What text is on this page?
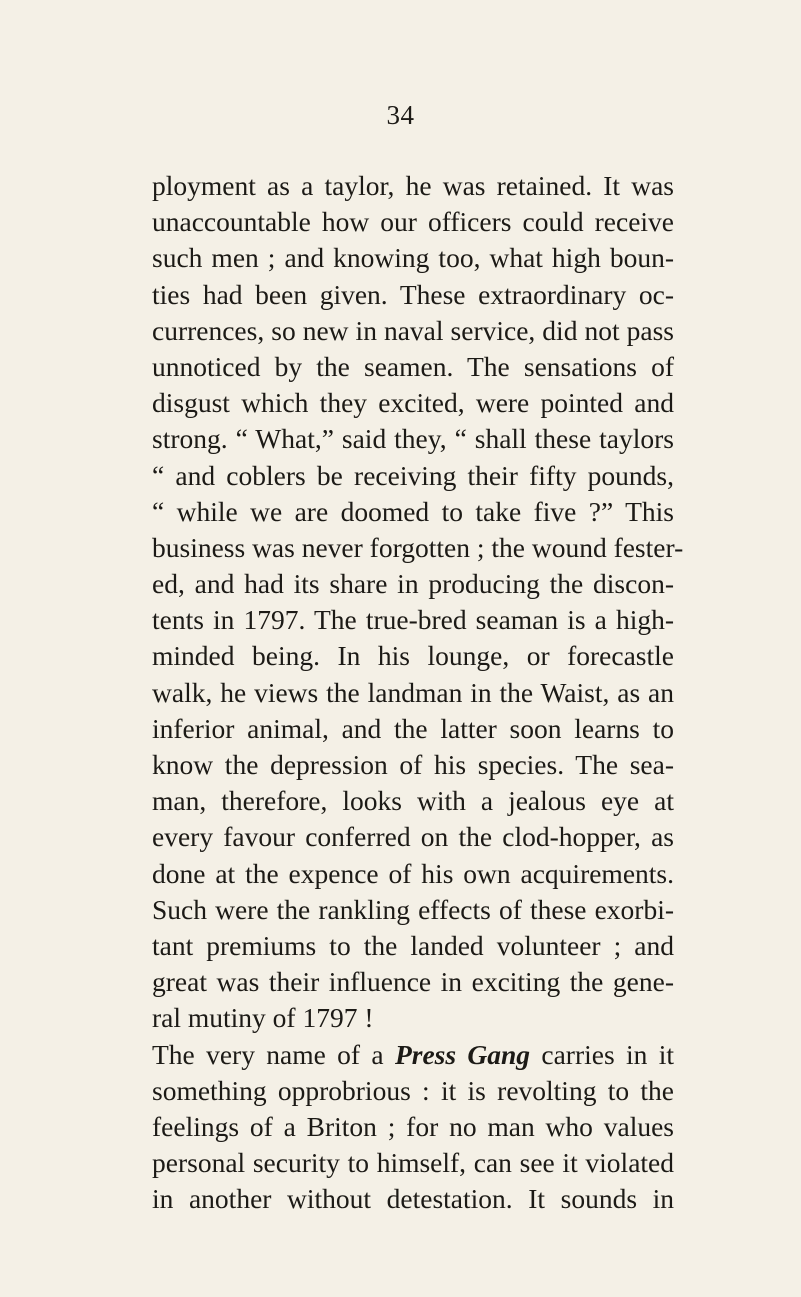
34
ployment as a taylor, he was retained. It was
unaccountable how our officers could receive
such men ; and knowing too, what high boun-
ties had been given. These extraordinary oc-
currences, so new in naval service, did not pass
unnoticed by the seamen. The sensations of
disgust which they excited, were pointed and
strong. “ What,” said they, “ shall these taylors
“ and coblers be receiving their fifty pounds,
“ while we are doomed to take five ?” This
business was never forgotten ; the wound fester-
ed, and had its share in producing the discon-
tents in 1797. The true-bred seaman is a high-
minded being. In his lounge, or forecastle
walk, he views the landman in the Waist, as an
inferior animal, and the latter soon learns to
know the depression of his species. The sea-
man, therefore, looks with a jealous eye at
every favour conferred on the clod-hopper, as
done at the expence of his own acquirements.
Such were the rankling effects of these exorbi-
tant premiums to the landed volunteer ; and
great was their influence in exciting the gene-
ral mutiny of 1797 !
The very name of a Press Gang carries in it
something opprobrious : it is revolting to the
feelings of a Briton ; for no man who values
personal security to himself, can see it violated
in another without detestation. It sounds in
